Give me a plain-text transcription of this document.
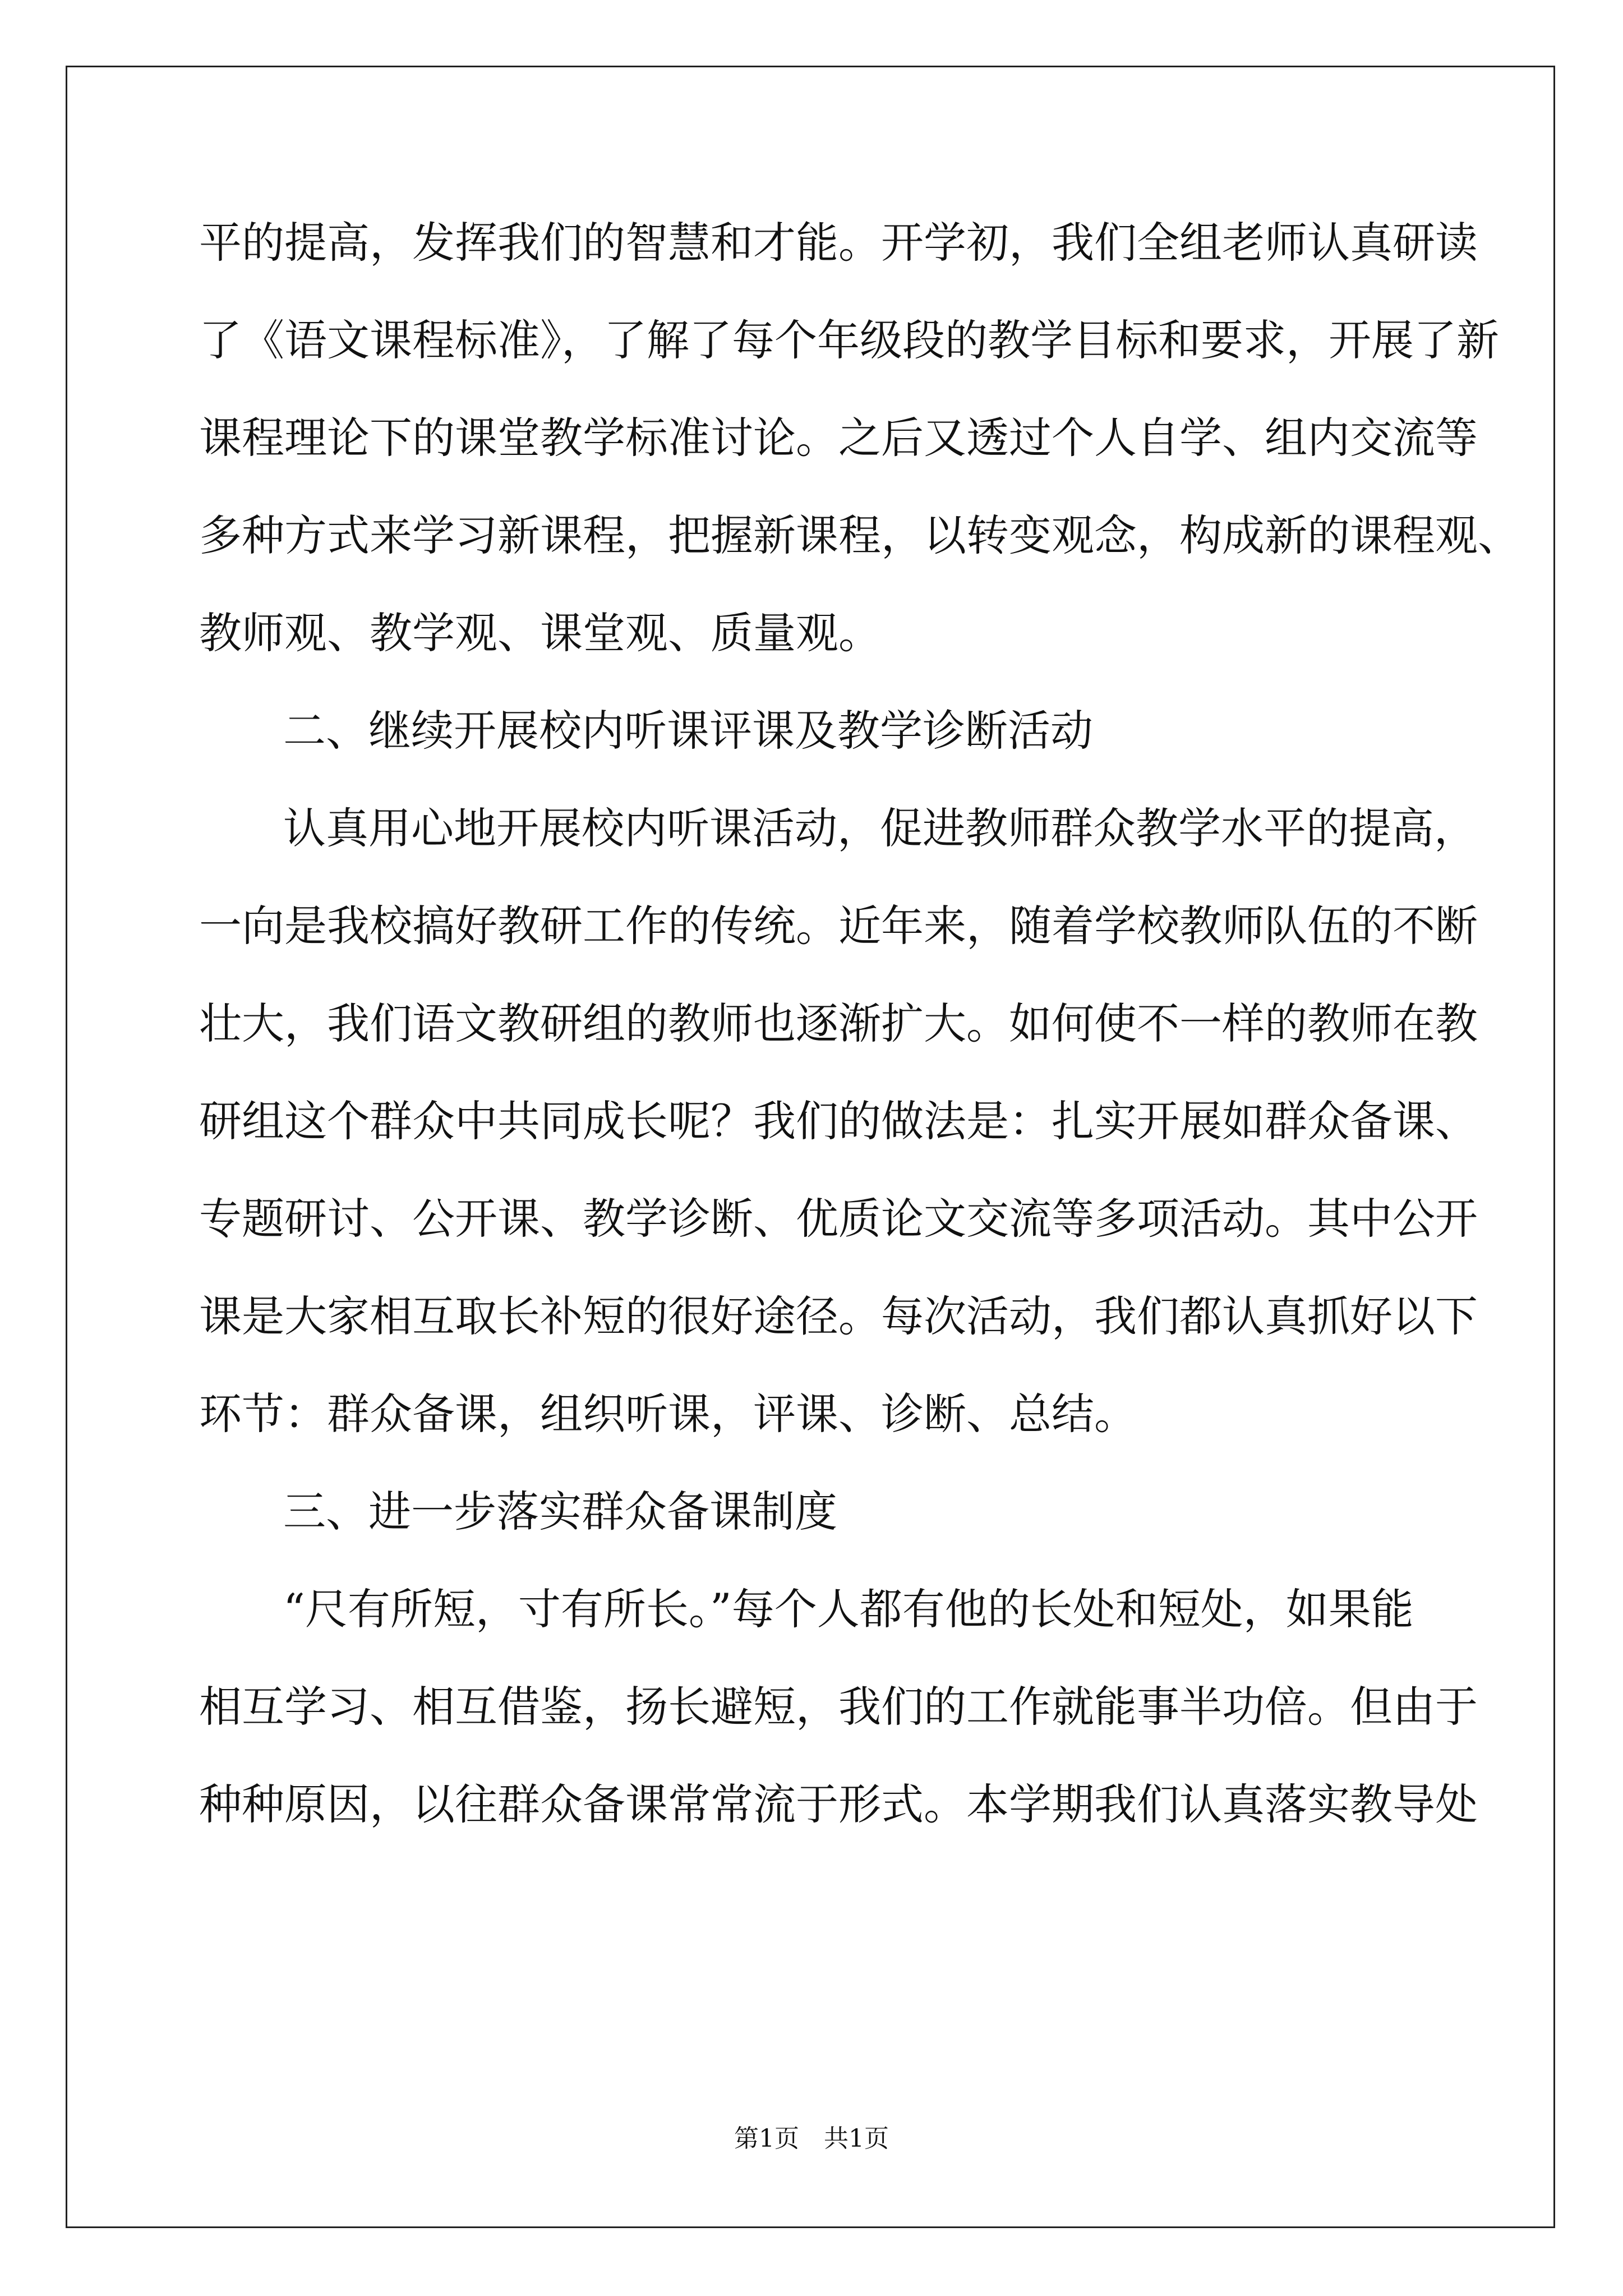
平的提高，发挥我们的智慧和才能。开学初，我们全组老师认真研读
了《语文课程标准》，了解了每个年级段的教学目标和要求，开展了新
课程理论下的课堂教学标准讨论。之后又透过个人自学、组内交流等
多种方式来学习新课程，把握新课程，以转变观念，构成新的课程观、
教师观、教学观、课堂观、质量观。
二、继续开展校内听课评课及教学诊断活动
认真用心地开展校内听课活动，促进教师群众教学水平的提高，
一向是我校搞好教研工作的传统。近年来，随着学校教师队伍的不断
壮大，我们语文教研组的教师也逐渐扩大。如何使不一样的教师在教
研组这个群众中共同成长呢？我们的做法是：扎实开展如群众备课、
专题研讨、公开课、教学诊断、优质论文交流等多项活动。其中公开
课是大家相互取长补短的很好途径。每次活动，我们都认真抓好以下
环节：群众备课，组织听课，评课、诊断、总结。
三、进一步落实群众备课制度
“尺有所短，寸有所长。”每个人都有他的长处和短处，如果能
相互学习、相互借鉴，扬长避短，我们的工作就能事半功倍。但由于
种种原因，以往群众备课常常流于形式。本学期我们认真落实教导处
第1页　共1页
